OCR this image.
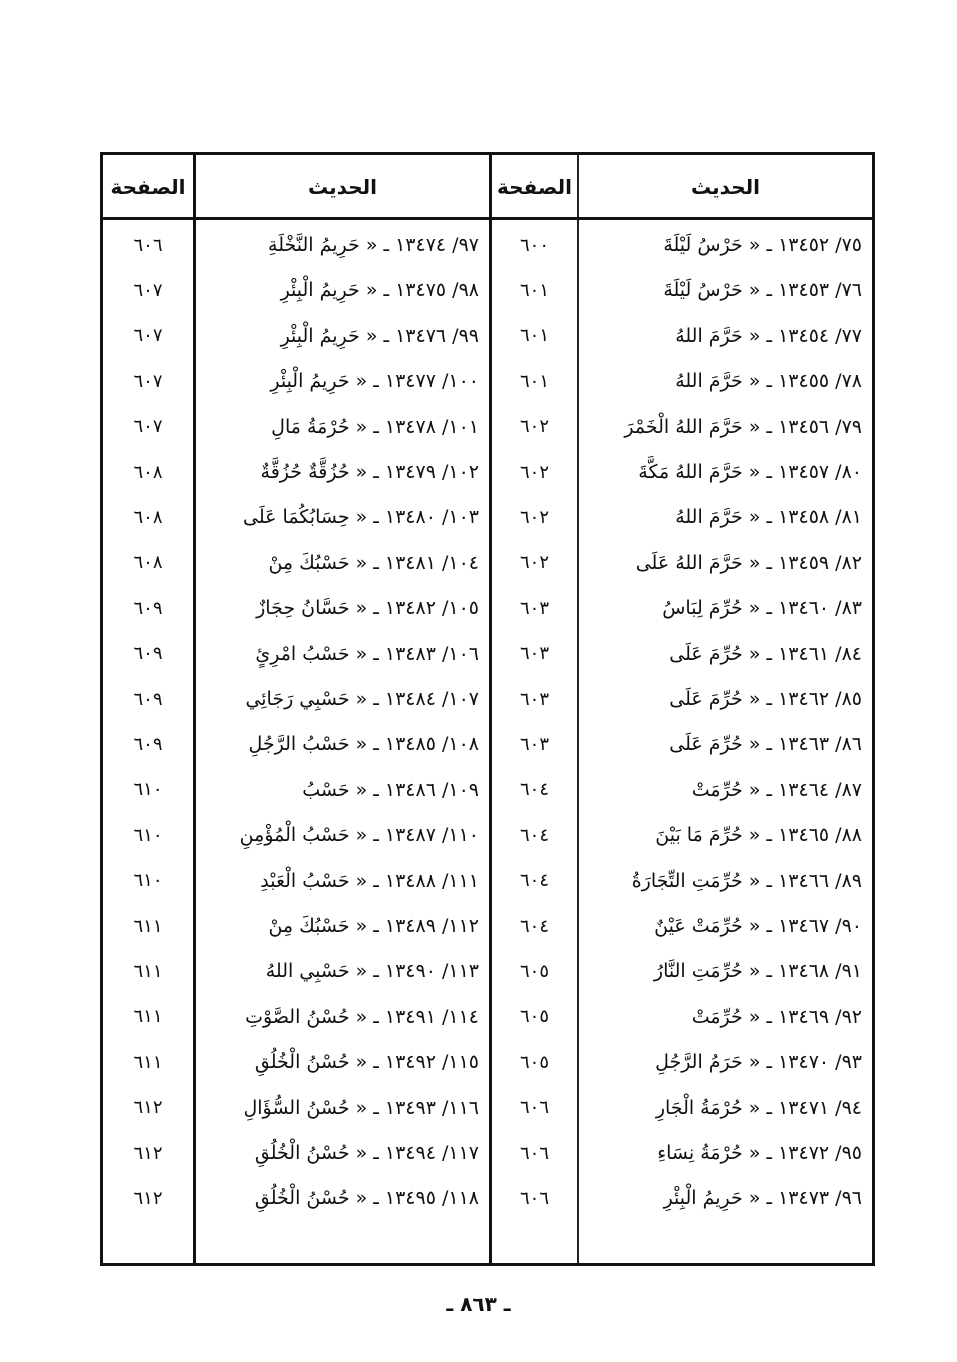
الصفحة	الحديث	الصفحة	الحديث
٦٠٦	٩٧/ ١٣٤٧٤ ـ « حَرِيمُ النَّخْلَةِ	٦٠٠	٧٥/ ١٣٤٥٢ ـ « حَرْسُ لَيْلَةَ
٦٠٧	٩٨/ ١٣٤٧٥ ـ « حَرِيمُ الْبِئْرِ	٦٠١	٧٦/ ١٣٤٥٣ ـ « حَرْسُ لَيْلَةَ
٦٠٧	٩٩/ ١٣٤٧٦ ـ « حَرِيمُ الْبِئْرِ	٦٠١	٧٧/ ١٣٤٥٤ ـ « حَرَّمَ اللهُ
٦٠٧	١٠٠/ ١٣٤٧٧ ـ « حَرِيمُ الْبِئْرِ	٦٠١	٧٨/ ١٣٤٥٥ ـ « حَرَّمَ اللهُ
٦٠٧	١٠١/ ١٣٤٧٨ ـ « حُرْمَةُ مَالِ	٦٠٢	٧٩/ ١٣٤٥٦ ـ « حَرَّمَ اللهُ الْخَمْرَ
٦٠٨	١٠٢/ ١٣٤٧٩ ـ « حُزُقَّةٌ حُزُقَّةٌ	٦٠٢	٨٠/ ١٣٤٥٧ ـ « حَرَّمَ اللهُ مَكَّةَ
٦٠٨	١٠٣/ ١٣٤٨٠ ـ « حِسَابُكُمَا عَلَى	٦٠٢	٨١/ ١٣٤٥٨ ـ « حَرَّمَ اللهُ
٦٠٨	١٠٤/ ١٣٤٨١ ـ « حَسْبُكَ مِنْ	٦٠٢	٨٢/ ١٣٤٥٩ ـ « حَرَّمَ اللهُ عَلَى
٦٠٩	١٠٥/ ١٣٤٨٢ ـ « حَسَّانُ حِجَازٌ	٦٠٣	٨٣/ ١٣٤٦٠ ـ « حُرِّمَ لِبَاسُ
٦٠٩	١٠٦/ ١٣٤٨٣ ـ « حَسْبُ امْرِئٍ	٦٠٣	٨٤/ ١٣٤٦١ ـ « حُرِّمَ عَلَى
٦٠٩	١٠٧/ ١٣٤٨٤ ـ « حَسْبِي رَجَائِي	٦٠٣	٨٥/ ١٣٤٦٢ ـ « حُرِّمَ عَلَى
٦٠٩	١٠٨/ ١٣٤٨٥ ـ « حَسْبُ الرَّجُلِ	٦٠٣	٨٦/ ١٣٤٦٣ ـ « حُرِّمَ عَلَى
٦١٠	١٠٩/ ١٣٤٨٦ ـ « حَسْبُ	٦٠٤	٨٧/ ١٣٤٦٤ ـ « حُرِّمَتْ
٦١٠	١١٠/ ١٣٤٨٧ ـ « حَسْبُ الْمُؤْمِنِ	٦٠٤	٨٨/ ١٣٤٦٥ ـ « حُرِّمَ مَا بَيْنَ
٦١٠	١١١/ ١٣٤٨٨ ـ « حَسْبُ الْعَبْدِ	٦٠٤	٨٩/ ١٣٤٦٦ ـ « حُرِّمَتِ التِّجَارَةُ
٦١١	١١٢/ ١٣٤٨٩ ـ « حَسْبُكَ مِنْ	٦٠٤	٩٠/ ١٣٤٦٧ ـ « حُرِّمَتْ عَيْنٌ
٦١١	١١٣/ ١٣٤٩٠ ـ « حَسْبِي اللهُ	٦٠٥	٩١/ ١٣٤٦٨ ـ « حُرِّمَتِ النَّارُ
٦١١	١١٤/ ١٣٤٩١ ـ « حُسْنُ الصَّوْتِ	٦٠٥	٩٢/ ١٣٤٦٩ ـ « حُرِّمَتْ
٦١١	١١٥/ ١٣٤٩٢ ـ « حُسْنُ الْخُلُقِ	٦٠٥	٩٣/ ١٣٤٧٠ ـ « حَرَمُ الرَّجُلِ
٦١٢	١١٦/ ١٣٤٩٣ ـ « حُسْنُ السُّؤَالِ	٦٠٦	٩٤/ ١٣٤٧١ ـ « حُرْمَةُ الْجَارِ
٦١٢	١١٧/ ١٣٤٩٤ ـ « حُسْنُ الْخُلُقِ	٦٠٦	٩٥/ ١٣٤٧٢ ـ « حُرْمَةُ نِسَاءِ
٦١٢	١١٨/ ١٣٤٩٥ ـ « حُسْنُ الْخُلُقِ	٦٠٦	٩٦/ ١٣٤٧٣ ـ « حَرِيمُ الْبِئْرِ
ـ ٨٦٣ ـ
